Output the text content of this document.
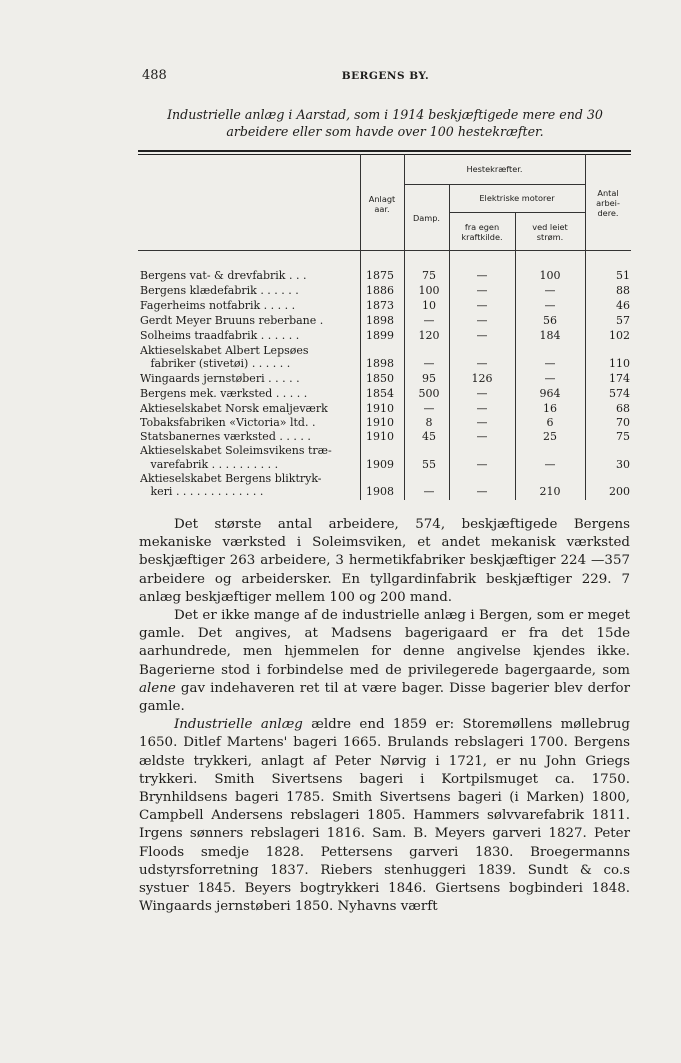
488	BERGENS BY.
Industrielle anlæg i Aarstad, som i 1914 beskjæftigede mere end 30
arbeidere eller som havde over 100 hestekræfter.
Anlagt
aar.
Hestekræfter.
Damp.
Elektriske motorer
fra egen
kraftkilde.
ved leiet
strøm.
Antal
arbei-
dere.
Bergens vat- & drevfabrik . . .	1875	75	—	100	51
Bergens klædefabrik . . . . . .	1886	100	—	—	88
Fagerheims notfabrik . . . . .	1873	10	—	—	46
Gerdt Meyer Bruuns reberbane .	1898	—	—	56	57
Solheims traadfabrik . . . . . .	1899	120	—	184	102
Aktieselskabet Albert Lepsøes
fabriker (stivetøi) . . . . . .	1898	—	—	—	110
Wingaards jernstøberi . . . . .	1850	95	126	—	174
Bergens mek. værksted . . . . .	1854	500	—	964	574
Aktieselskabet Norsk emaljeværk	1910	—	—	16	68
Tobaksfabriken «Victoria» ltd. .	1910	8	—	6	70
Statsbanernes værksted . . . . .	1910	45	—	25	75
Aktieselskabet Soleimsvikens træ-
varefabrik . . . . . . . . . .	1909	55	—	—	30
Aktieselskabet Bergens bliktryk-
keri . . . . . . . . . . . . .	1908	—	—	210	200

Det største antal arbeidere, 574, beskjæftigede Bergens mekaniske værksted i Soleimsviken, et andet mekanisk værksted beskjæftiger 263 arbeidere, 3 hermetikfabriker beskjæftiger 224 —357 arbeidere og arbeidersker. En tyllgardinfabrik beskjæftiger 229. 7 anlæg beskjæftiger mellem 100 og 200 mand.

Det er ikke mange af de industrielle anlæg i Bergen, som er meget gamle. Det angives, at Madsens bagerigaard er fra det 15de aarhundrede, men hjemmelen for denne angivelse kjendes ikke. Bagerierne stod i forbindelse med de privilegerede bagergaarde, som alene gav indehaveren ret til at være bager. Disse bagerier blev derfor gamle.

Industrielle anlæg ældre end 1859 er: Storemøllens møllebrug 1650. Ditlef Martens' bageri 1665. Brulands rebslageri 1700. Bergens ældste trykkeri, anlagt af Peter Nørvig i 1721, er nu John Griegs trykkeri. Smith Sivertsens bageri i Kortpilsmuget ca. 1750. Brynhildsens bageri 1785. Smith Sivertsens bageri (i Marken) 1800, Campbell Andersens rebslageri 1805. Hammers sølvvarefabrik 1811. Irgens sønners rebslageri 1816. Sam. B. Meyers garveri 1827. Peter Floods smedje 1828. Pettersens garveri 1830. Broegermanns udstyrsforretning 1837. Riebers stenhuggeri 1839. Sundt & co.s systuer 1845. Beyers bogtrykkeri 1846. Giertsens bogbinderi 1848. Wingaards jernstøberi 1850. Nyhavns værft
